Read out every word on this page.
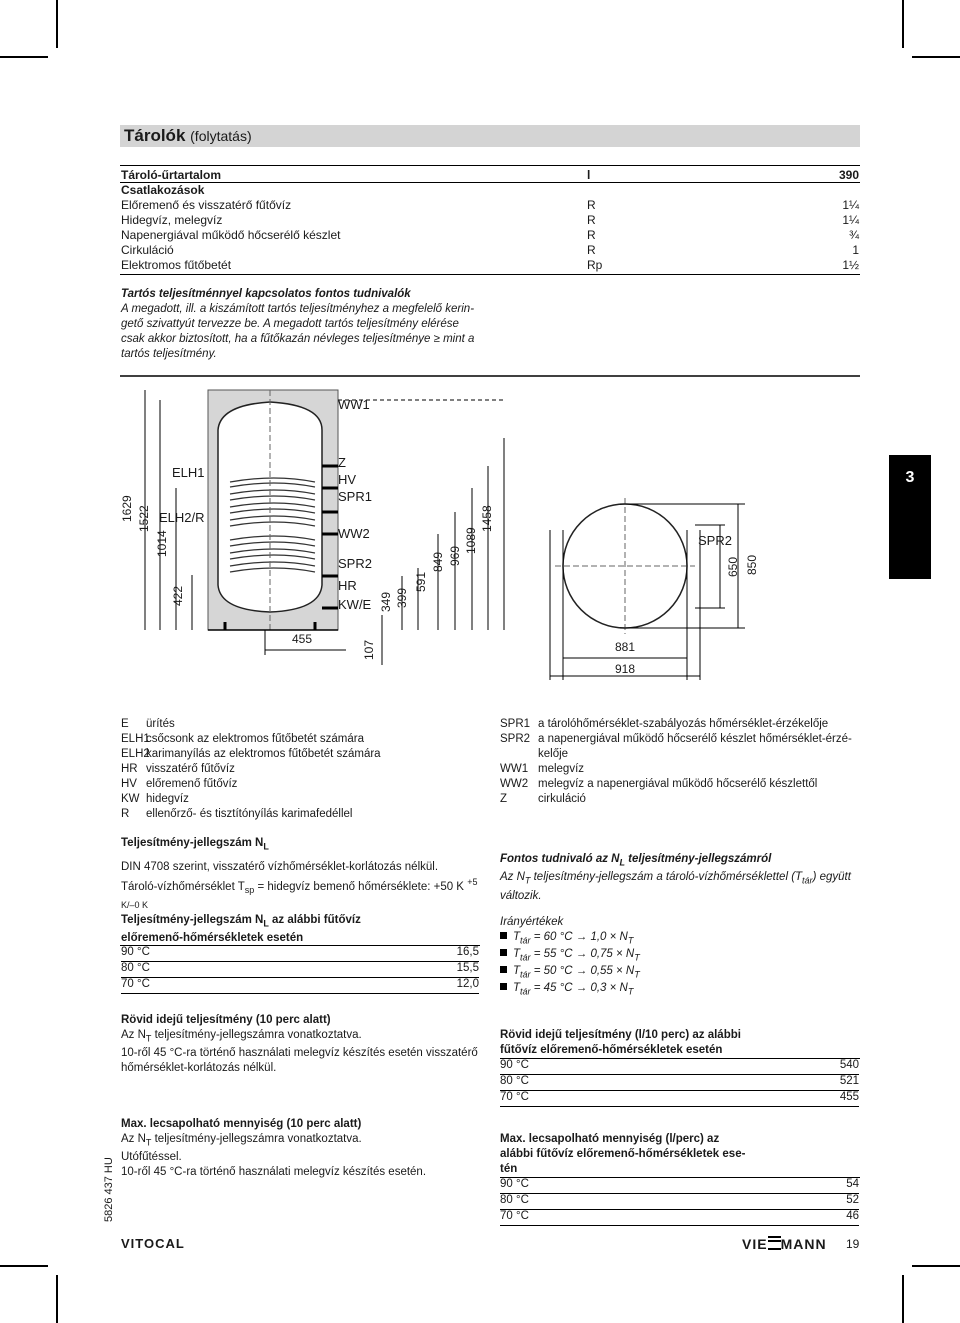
Tárolók (folytatás)
Tároló-űrtartalom	l	390
Csatlakozások
Előremenő és visszatérő fűtővíz	R	1¼
Hidegvíz, melegvíz	R	1¼
Napenergiával működő hőcserélő készlet	R	¾
Cirkuláció	R	1
Elektromos fűtőbetét	Rp	1½
Tartós teljesítménnyel kapcsolatos fontos tudnivalók
A megadott, ill. a kiszámított tartós teljesítményhez a megfelelő kerin-
gető szivattyút tervezze be. A megadott tartós teljesítmény elérése
csak akkor biztosított, ha a fűtőkazán névleges teljesítménye ≥ mint a
tartós teljesítmény.
WW1
ELH1
ELH2/R
Z
HV
SPR1
WW2
SPR2
HR
KW/E
SPR2
1629 1522
1014
422
107
349 399
591
849 969
1089
1458
650 850
455
881
918
3
E ürítés
ELH1
csőcsonk az elektromos fűtőbetét számára
ELH2
karimanyílás az elektromos fűtőbetét számára
HR visszatérő fűtővíz
HV előremenő fűtővíz
KW hidegvíz
R ellenőrző- és tisztítónyílás karimafedéllel
SPR1 a tárolóhőmérséklet-szabályozás hőmérséklet-érzékelője
SPR2 a napenergiával működő hőcserélő készlet hőmérséklet-érzé-
kelője
WW1 melegvíz
WW2 melegvíz a napenergiával működő hőcserélő készlettől
Z	cirkuláció
Teljesítmény-jellegszám $N_L$
DIN 4708 szerint, visszatérő vízhőmérséklet-korlátozás nélkül.
Tároló-vízhőmérséklet $T_{sp}$ = hidegvíz bemenő hőmérséklete: +50 K $^{+5}$
K/–0 K
Fontos tudnivaló az $N_L$ teljesítmény-jellegszámról
Az $N_T$ teljesítmény-jellegszám a tároló-vízhőmérséklettel $(T_{tár})$ együtt
változik.
Teljesítmény-jellegszám $N_L$ az alábbi fűtővíz
előremenő-hőmérsékletek esetén
90 °C	16,5
80 °C	15,5
70 °C	12,0
Irányértékek
$T_{tár} = 60$ $^\circ C \to 1,0 \times N_T$
$T_{tár} = 55$ $^\circ C \to 0,75 \times N_T$
$T_{tár} = 50$ $^\circ C \to 0,55 \times N_T$
$T_{tár} = 45$ $^\circ C \to 0,3 \times N_T$
Rövid idejű teljesítmény (10 perc alatt)
Az $N_T$ teljesítmény-jellegszámra vonatkoztatva.
10-ről 45 °C-ra történő használati melegvíz készítés esetén visszatérő
hőmérséklet-korlátozás nélkül.
Rövid idejű teljesítmény (l/10 perc) az alábbi
fűtővíz előremenő-hőmérsékletek esetén
90 °C	540
80 °C	521
70 °C	455
Max. lecsapolható mennyiség (10 perc alatt)
Az $N_T$ teljesítmény-jellegszámra vonatkoztatva.
Utófűtéssel.
10-ről 45 °C-ra történő használati melegvíz készítés esetén.
Max. lecsapolható mennyiség (l/perc) az
alábbi fűtővíz előremenő-hőmérsékletek ese-
tén
90 °C	54
80 °C	52
70 °C	46
5826 437 HU
VITOCAL	VIE MANN 19
